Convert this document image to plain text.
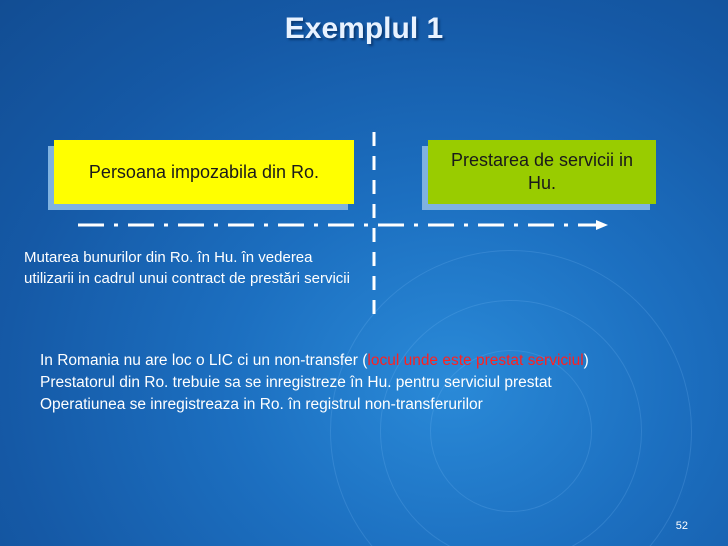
Exemplul 1
Persoana impozabila din Ro.
Prestarea de servicii in Hu.
Mutarea bunurilor din Ro. în Hu. în vederea utilizarii in cadrul unui contract de prestări servicii

In Romania nu are loc o LIC ci un non-transfer (locul unde este prestat serviciul)

Prestatorul din Ro. trebuie sa se inregistreze în Hu. pentru serviciul prestat

Operatiunea se inregistreaza in Ro. în registrul non-transferurilor

52
